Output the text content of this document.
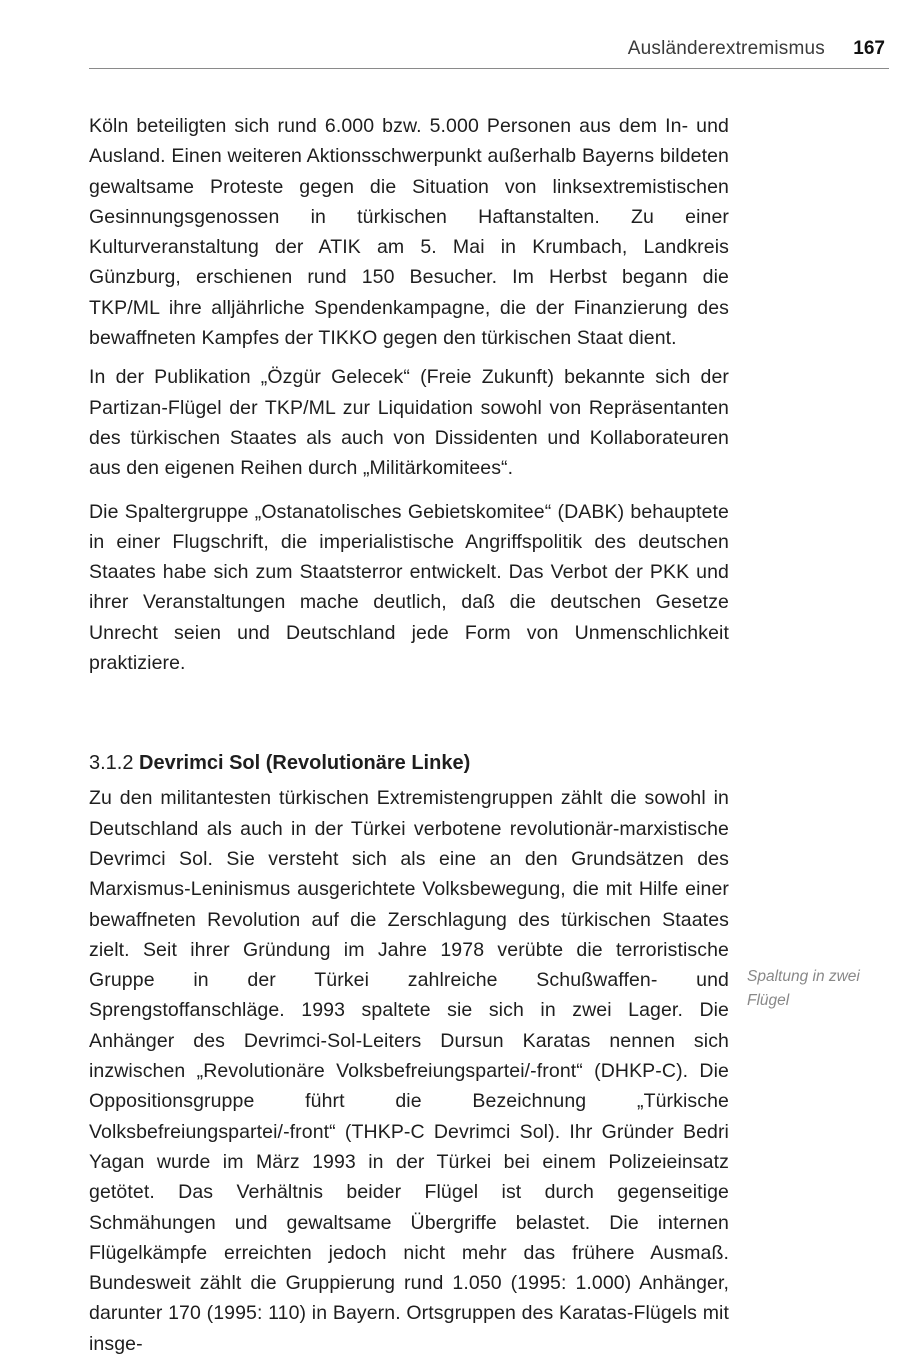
Ausländerextremismus 167

Köln beteiligten sich rund 6.000 bzw. 5.000 Personen aus dem In- und Ausland. Einen weiteren Aktionsschwerpunkt außerhalb Bayerns bildeten gewaltsame Proteste gegen die Situation von linksextremistischen Gesinnungsgenossen in türkischen Haftanstalten. Zu einer Kulturveranstaltung der ATIK am 5. Mai in Krumbach, Landkreis Günzburg, erschienen rund 150 Besucher. Im Herbst begann die TKP/ML ihre alljährliche Spendenkampagne, die der Finanzierung des bewaffneten Kampfes der TIKKO gegen den türkischen Staat dient.

In der Publikation „Özgür Gelecek“ (Freie Zukunft) bekannte sich der Partizan-Flügel der TKP/ML zur Liquidation sowohl von Repräsentanten des türkischen Staates als auch von Dissidenten und Kollaborateuren aus den eigenen Reihen durch „Militärkomitees“.

Die Spaltergruppe „Ostanatolisches Gebietskomitee“ (DABK) behauptete in einer Flugschrift, die imperialistische Angriffspolitik des deutschen Staates habe sich zum Staatsterror entwickelt. Das Verbot der PKK und ihrer Veranstaltungen mache deutlich, daß die deutschen Gesetze Unrecht seien und Deutschland jede Form von Unmenschlichkeit praktiziere.

3.1.2 Devrimci Sol (Revolutionäre Linke)

Zu den militantesten türkischen Extremistengruppen zählt die sowohl in Deutschland als auch in der Türkei verbotene revolutionär-marxistische Devrimci Sol. Sie versteht sich als eine an den Grundsätzen des Marxismus-Leninismus ausgerichtete Volksbewegung, die mit Hilfe einer bewaffneten Revolution auf die Zerschlagung des türkischen Staates zielt. Seit ihrer Gründung im Jahre 1978 verübte die terroristische Gruppe in der Türkei zahlreiche Schußwaffen- und Sprengstoffanschläge. 1993 spaltete sie sich in zwei Lager. Die Anhänger des Devrimci-Sol-Leiters Dursun Karatas nennen sich inzwischen „Revolutionäre Volksbefreiungspartei/-front“ (DHKP-C). Die Oppositionsgruppe führt die Bezeichnung „Türkische Volksbefreiungspartei/-front“ (THKP-C Devrimci Sol). Ihr Gründer Bedri Yagan wurde im März 1993 in der Türkei bei einem Polizeieinsatz getötet. Das Verhältnis beider Flügel ist durch gegenseitige Schmähungen und gewaltsame Übergriffe belastet. Die internen Flügelkämpfe erreichten jedoch nicht mehr das frühere Ausmaß. Bundesweit zählt die Gruppierung rund 1.050 (1995: 1.000) Anhänger, darunter 170 (1995: 110) in Bayern. Ortsgruppen des Karatas-Flügels mit insge-

Spaltung in zwei
Flügel
